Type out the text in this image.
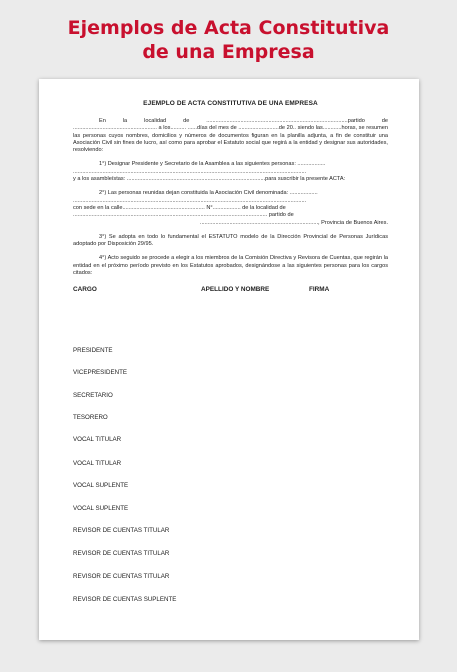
Ejemplos de Acta Constitutiva
de una Empresa
EJEMPLO DE ACTA CONSTITUTIVA DE UNA EMPRESA

En la localidad de ...........................................................................................partido de ...................................................... a los.......... ......días del mes de ..........................de 20.. siendo las............horas, se resumen las personas cuyos nombres, domicilios y números de documentos figuran en la planilla adjunta, a fin de constituir una Asociación Civil sin fines de lucro, así como para aprobar el Estatuto social que regirá a la entidad y designar sus autoridades, resolviendo:

1°) Designar Presidente y Secretario de la Asamblea a las siguientes personas: ..................

......................................................................................................................................................

y a los asambleístas: .........................................................................................para suscribir la presente ACTA:

2°) Las personas reunidas dejan constituida la Asociación Civil denominada: ..................

......................................................................................................................................................

con sede en la calle..................................................... N°.................. de la localidad de

............................................................................................................................. partido de

............................................................................, Provincia de Buenos Aires.

3°) Se adopta en todo lo fundamental el ESTATUTO modelo de la Dirección Provincial de Personas Jurídicas adoptado por Disposición 29/95.

4°) Acto seguido se procede a elegir a los miembros de la Comisión Directiva y Revisora de Cuentas, que regirán la entidad en el próximo período previsto en los Estatutos aprobados, designándose a las siguientes personas para los cargos citados:

CARGO	APELLIDO Y NOMBRE	FIRMA
PRESIDENTE
VICEPRESIDENTE
SECRETARIO
TESORERO
VOCAL TITULAR
VOCAL TITULAR
VOCAL SUPLENTE
VOCAL SUPLENTE
REVISOR DE CUENTAS TITULAR
REVISOR DE CUENTAS TITULAR
REVISOR DE CUENTAS TITULAR
REVISOR DE CUENTAS SUPLENTE
